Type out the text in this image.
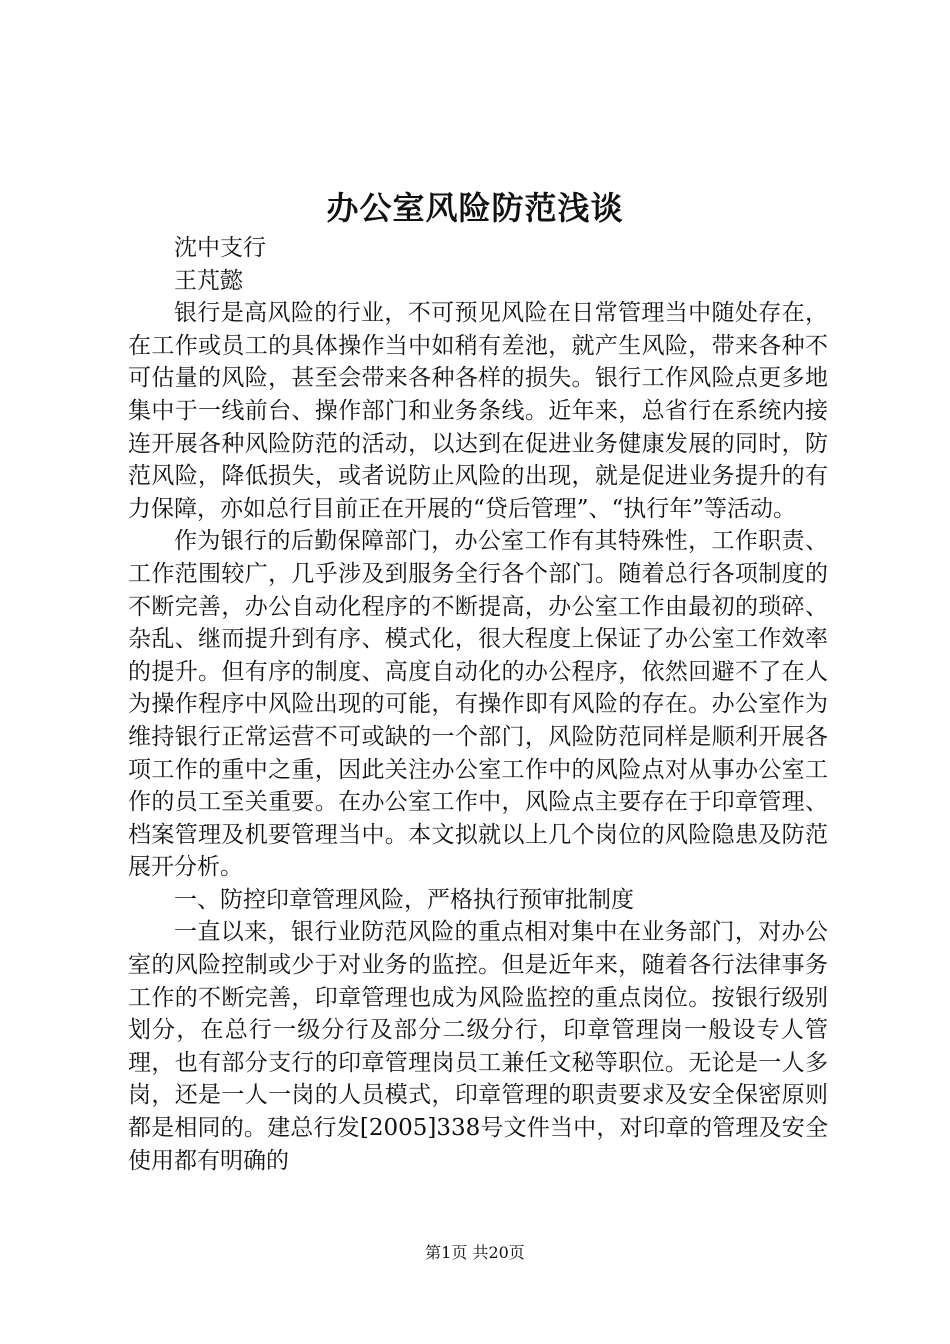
办公室风险防范浅谈
沈中支行
王芃懿

银行是高风险的行业，不可预见风险在日常管理当中随处存在，在工作或员工的具体操作当中如稍有差池，就产生风险，带来各种不可估量的风险，甚至会带来各种各样的损失。银行工作风险点更多地集中于一线前台、操作部门和业务条线。近年来，总省行在系统内接连开展各种风险防范的活动，以达到在促进业务健康发展的同时，防范风险，降低损失，或者说防止风险的出现，就是促进业务提升的有力保障，亦如总行目前正在开展的“贷后管理”、“执行年”等活动。

作为银行的后勤保障部门，办公室工作有其特殊性，工作职责、工作范围较广，几乎涉及到服务全行各个部门。随着总行各项制度的不断完善，办公自动化程序的不断提高，办公室工作由最初的琐碎、杂乱、继而提升到有序、模式化，很大程度上保证了办公室工作效率的提升。但有序的制度、高度自动化的办公程序，依然回避不了在人为操作程序中风险出现的可能，有操作即有风险的存在。办公室作为维持银行正常运营不可或缺的一个部门，风险防范同样是顺利开展各项工作的重中之重，因此关注办公室工作中的风险点对从事办公室工作的员工至关重要。在办公室工作中，风险点主要存在于印章管理、档案管理及机要管理当中。本文拟就以上几个岗位的风险隐患及防范展开分析。

一、防控印章管理风险，严格执行预审批制度

一直以来，银行业防范风险的重点相对集中在业务部门，对办公室的风险控制或少于对业务的监控。但是近年来，随着各行法律事务工作的不断完善，印章管理也成为风险监控的重点岗位。按银行级别划分，在总行一级分行及部分二级分行，印章管理岗一般设专人管理，也有部分支行的印章管理岗员工兼任文秘等职位。无论是一人多岗，还是一人一岗的人员模式，印章管理的职责要求及安全保密原则都是相同的。建总行发[2005]338号文件当中，对印章的管理及安全使用都有明确的

第1页 共20页
